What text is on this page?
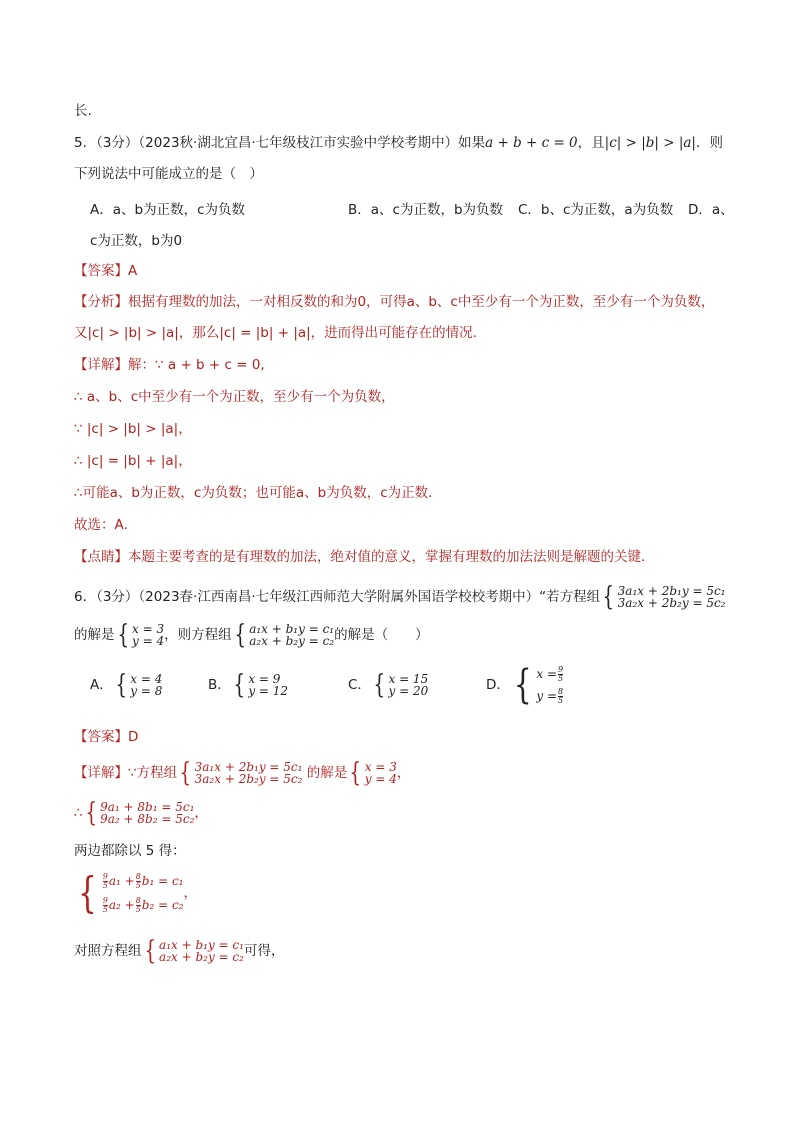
长.
5．（3分）（2023秋·湖北宜昌·七年级枝江市实验中学校考期中）如果a + b + c = 0，且|c| > |b| > |a|．则
下列说法中可能成立的是（　）
A．a、b为正数，c为负数	B．a、c为正数，b为负数 C．b、c为正数，a为负数 D．a、
c为正数，b为0
【答案】A
【分析】根据有理数的加法，一对相反数的和为0，可得a、b、c中至少有一个为正数，至少有一个为负数，
又|c| > |b| > |a|，那么|c| = |b| + |a|，进而得出可能存在的情况．
【详解】解：∵ a + b + c = 0,
∴ a、b、c中至少有一个为正数，至少有一个为负数，
∵ |c| > |b| > |a|，
∴ |c| = |b| + |a|，
∴可能a、b为正数，c为负数；也可能a、b为负数，c为正数．
故选：A．
【点睛】本题主要考查的是有理数的加法，绝对值的意义，掌握有理数的加法法则是解题的关键．
6．（3分）（2023春·江西南昌·七年级江西师范大学附属外国语学校校考期中）“若方程组 { 3a₁x + 2b₁y = 5c₁
3a₂x + 2b₂y = 5c₂
的解是 { x = 3
y = 4 ，则方程组 { a₁x + b₁y = c₁
a₂x + b₂y = c₂ 的解是（　　）
A． { x = 4
y = 8	B． { x = 9
y = 12	C． { x = 15
y = 20	D． { $x = \frac{9}{5}$
$y = \frac{8}{5}$
【答案】D
【详解】∵方程组 { 3a₁x + 2b₁y = 5c₁
3a₂x + 2b₂y = 5c₂ 的解是 { x = 3
y = 4 ，
∴ { 9a₁ + 8b₁ = 5c₁
9a₂ + 8b₂ = 5c₂ ，
两边都除以 5 得：
{ $\frac{9}{5} a_1 + \frac{8}{5} b_1 = c_1$
$\frac{9}{5} a_2 + \frac{8}{5} b_2 = c_2$
，
对照方程组 { a₁x + b₁y = c₁
a₂x + b₂y = c₂ 可得，
